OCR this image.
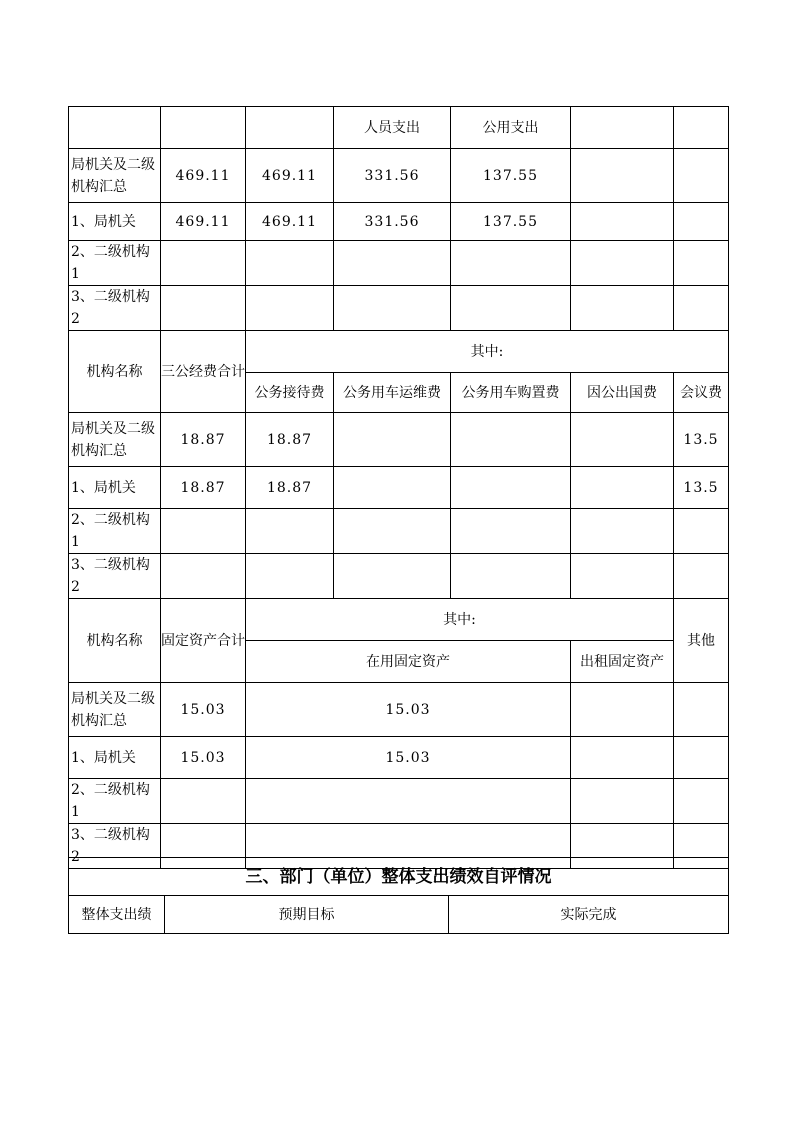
			人员支出	公用支出		
局机关及二级机构汇总	469.11	469.11	331.56	137.55		
1、局机关	469.11	469.11	331.56	137.55		
2、二级机构 1						
3、二级机构 2						
机构名称	三公经费合计	其中:				
		公务接待费	公务用车运维费	公务用车购置费	因公出国费	会议费
局机关及二级机构汇总	18.87	18.87				13.5
1、局机关	18.87	18.87				13.5
2、二级机构 1						
3、二级机构 2						
机构名称	固定资产合计	其中:				其他
		在用固定资产			出租固定资产	
局机关及二级机构汇总	15.03	15.03				
1、局机关	15.03	15.03				
2、二级机构 1						
3、二级机构 2						
三、部门（单位）整体支出绩效自评情况
整体支出绩	预期目标	实际完成
